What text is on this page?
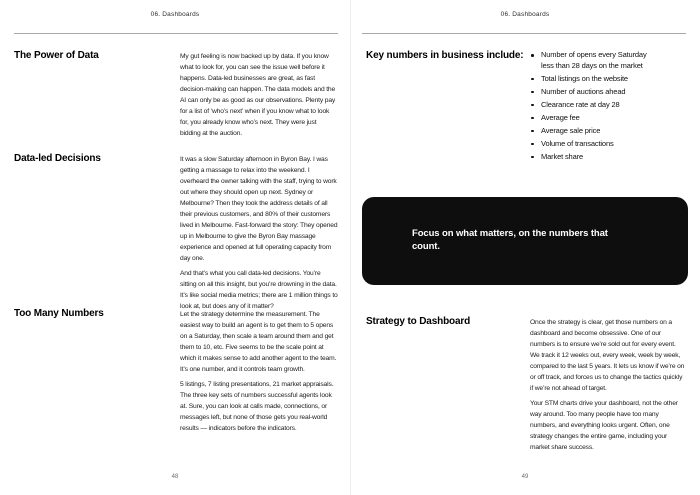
06. Dashboards
The Power of Data	My gut feeling is now backed up by data. If you know what to look for, you can see the issue well before it happens. Data-led businesses are great, as fast decision-making can happen. The data models and the AI can only be as good as our observations. Plenty pay for a list of ‘who’s next’ when if you know what to look for, you already know who’s next. They were just bidding at the auction.

Data-led Decisions	It was a slow Saturday afternoon in Byron Bay. I was getting a massage to relax into the weekend. I overheard the owner talking with the staff, trying to work out where they should open up next. Sydney or Melbourne? Then they took the address details of all their previous customers, and 80% of their customers lived in Melbourne. Fast-forward the story: They opened up in Melbourne to give the Byron Bay massage experience and opened at full operating capacity from day one.

And that’s what you call data-led decisions. You’re sitting on all this insight, but you’re drowning in the data. It’s like social media metrics; there are 1 million things to look at, but does any of it matter?

Too Many Numbers	Let the strategy determine the measurement. The easiest way to build an agent is to get them to 5 opens on a Saturday, then scale a team around them and get them to 10, etc. Five seems to be the scale point at which it makes sense to add another agent to the team. It’s one number, and it controls team growth.

5 listings, 7 listing presentations, 21 market appraisals. The three key sets of numbers successful agents look at. Sure, you can look at calls made, connections, or messages left, but none of those gets you real-world results — indicators before the indicators.

48
06. Dashboards
Key numbers in business include:	Number of opens every Saturday less than 28 days on the market
Total listings on the website
Number of auctions ahead
Clearance rate at day 28
Average fee
Average sale price
Volume of transactions
Market share

Focus on what matters, on the numbers that count.

Strategy to Dashboard	Once the strategy is clear, get those numbers on a dashboard and become obsessive. One of our numbers is to ensure we’re sold out for every event. We track it 12 weeks out, every week, week by week, compared to the last 5 years. It lets us know if we’re on or off track, and forces us to change the tactics quickly if we’re not ahead of target.

Your STM charts drive your dashboard, not the other way around. Too many people have too many numbers, and everything looks urgent. Often, one strategy changes the entire game, including your market share success.

49
